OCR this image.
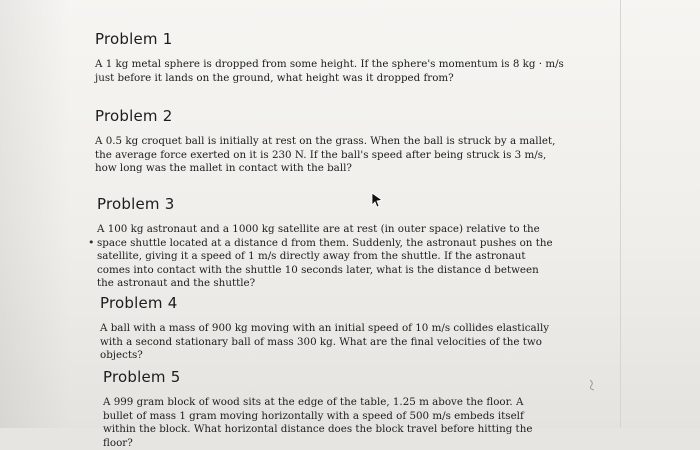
Problem 1

A 1 kg metal sphere is dropped from some height. If the sphere's momentum is 8 kg · m/s just before it lands on the ground, what height was it dropped from?

Problem 2

A 0.5 kg croquet ball is initially at rest on the grass. When the ball is struck by a mallet, the average force exerted on it is 230 N. If the ball's speed after being struck is 3 m/s, how long was the mallet in contact with the ball?

Problem 3

A 100 kg astronaut and a 1000 kg satellite are at rest (in outer space) relative to the space shuttle located at a distance d from them. Suddenly, the astronaut pushes on the satellite, giving it a speed of 1 m/s directly away from the shuttle. If the astronaut comes into contact with the shuttle 10 seconds later, what is the distance d between the astronaut and the shuttle?

Problem 4

A ball with a mass of 900 kg moving with an initial speed of 10 m/s collides elastically with a second stationary ball of mass 300 kg. What are the final velocities of the two objects?

Problem 5

A 999 gram block of wood sits at the edge of the table, 1.25 m above the floor. A bullet of mass 1 gram moving horizontally with a speed of 500 m/s embeds itself within the block. What horizontal distance does the block travel before hitting the floor?

•
